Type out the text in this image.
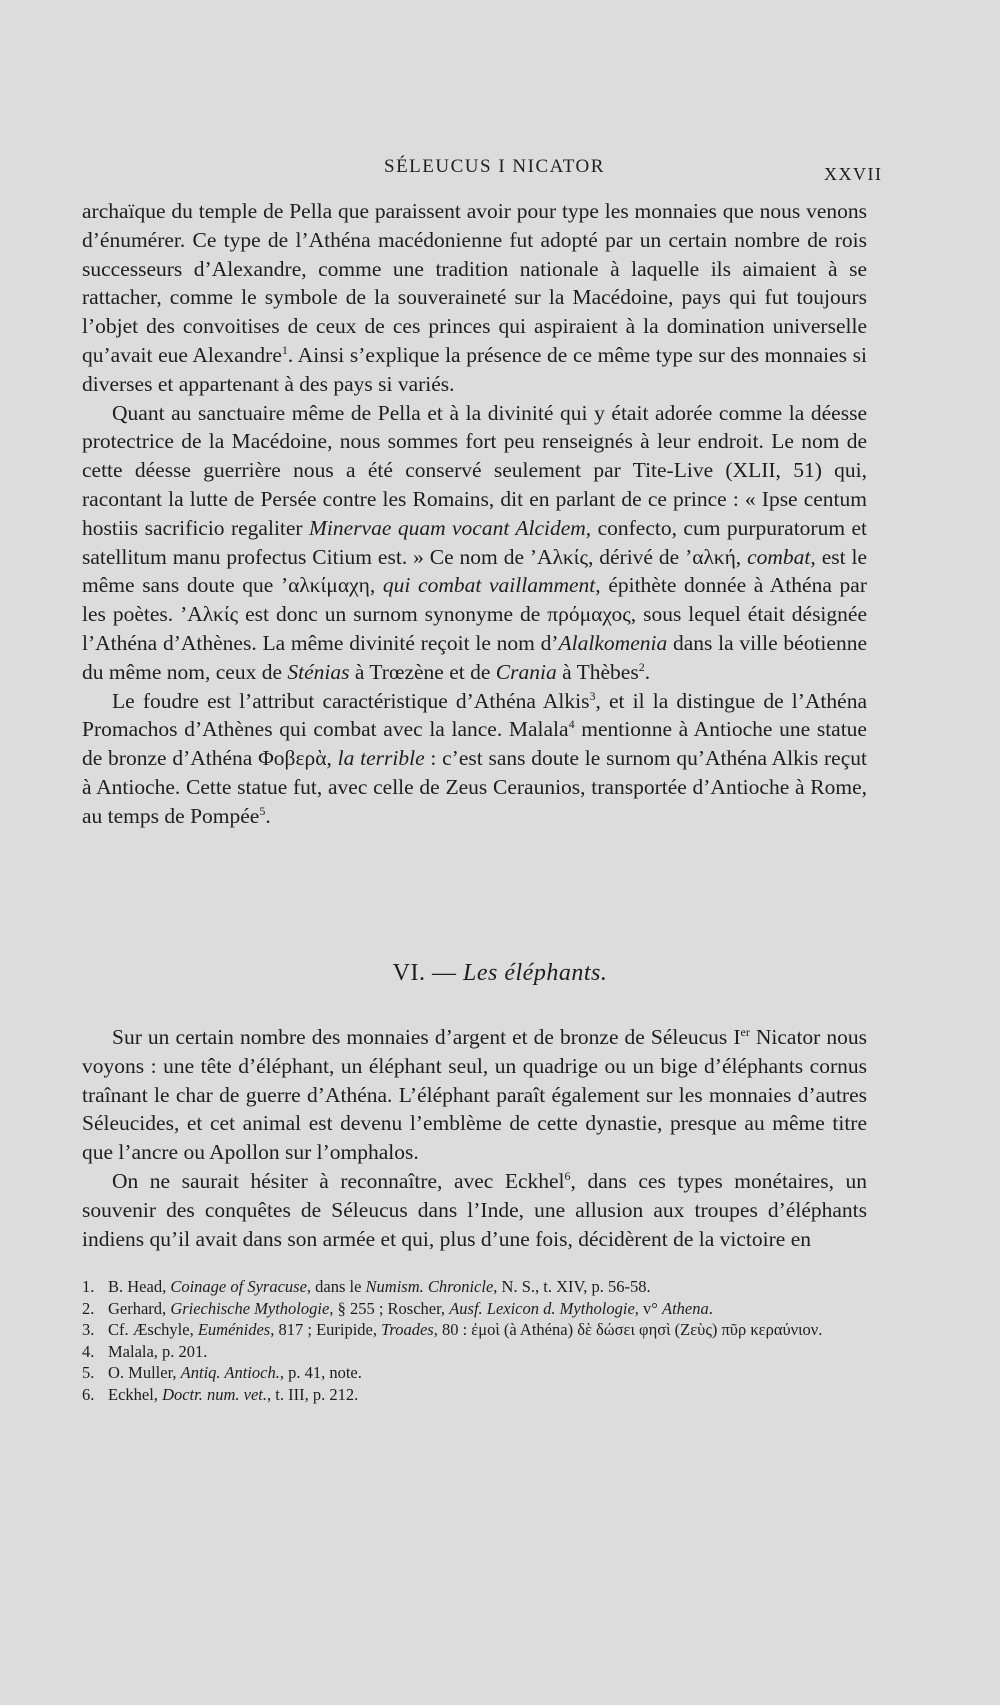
SÉLEUCUS I NICATOR	XXVII

archaïque du temple de Pella que paraissent avoir pour type les monnaies que nous venons d’énumérer. Ce type de l’Athéna macédonienne fut adopté par un certain nombre de rois successeurs d’Alexandre, comme une tradition nationale à laquelle ils aimaient à se rattacher, comme le symbole de la souveraineté sur la Macédoine, pays qui fut toujours l’objet des convoitises de ceux de ces princes qui aspiraient à la domination universelle qu’avait eue Alexandre$^1$. Ainsi s’explique la présence de ce même type sur des monnaies si diverses et appartenant à des pays si variés.

Quant au sanctuaire même de Pella et à la divinité qui y était adorée comme la déesse protectrice de la Macédoine, nous sommes fort peu renseignés à leur endroit. Le nom de cette déesse guerrière nous a été conservé seulement par Tite-Live (XLII, 51) qui, racontant la lutte de Persée contre les Romains, dit en parlant de ce prince : « Ipse centum hostiis sacrificio regaliter Minervae quam vocant Alcidem, confecto, cum purpuratorum et satellitum manu profectus Citium est. » Ce nom de ’Αλκίς, dérivé de ’αλκή, combat, est le même sans doute que ’αλκίμαχη, qui combat vaillamment, épithète donnée à Athéna par les poètes. ’Αλκίς est donc un surnom synonyme de πρόμαχος, sous lequel était désignée l’Athéna d’Athènes. La même divinité reçoit le nom d’Alalkomenia dans la ville béotienne du même nom, ceux de Sténias à Trœzène et de Crania à Thèbes$^2$.

Le foudre est l’attribut caractéristique d’Athéna Alkis$^3$, et il la distingue de l’Athéna Promachos d’Athènes qui combat avec la lance. Malala$^4$ mentionne à Antioche une statue de bronze d’Athéna Φοβερὰ, la terrible : c’est sans doute le surnom qu’Athéna Alkis reçut à Antioche. Cette statue fut, avec celle de Zeus Ceraunios, transportée d’Antioche à Rome, au temps de Pompée$^5$.

VI. — Les éléphants.

Sur un certain nombre des monnaies d’argent et de bronze de Séleucus Ier Nicator nous voyons : une tête d’éléphant, un éléphant seul, un quadrige ou un bige d’éléphants cornus traînant le char de guerre d’Athéna. L’éléphant paraît également sur les monnaies d’autres Séleucides, et cet animal est devenu l’emblème de cette dynastie, presque au même titre que l’ancre ou Apollon sur l’omphalos.

On ne saurait hésiter à reconnaître, avec Eckhel$^6$, dans ces types monétaires, un souvenir des conquêtes de Séleucus dans l’Inde, une allusion aux troupes d’éléphants indiens qu’il avait dans son armée et qui, plus d’une fois, décidèrent de la victoire en

1. B. Head, Coinage of Syracuse, dans le Numism. Chronicle, N. S., t. XIV, p. 56-58.

2. Gerhard, Griechische Mythologie, § 255 ; Roscher, Ausf. Lexicon d. Mythologie, v° Athena.

3. Cf. Æschyle, Euménides, 817 ; Euripide, Troades, 80 : ἐμοὶ (à Athéna) δὲ δώσει φησὶ (Ζεὺς) πῦρ κεραύνιον.

4. Malala, p. 201.

5. O. Muller, Antiq. Antioch., p. 41, note.

6. Eckhel, Doctr. num. vet., t. III, p. 212.
